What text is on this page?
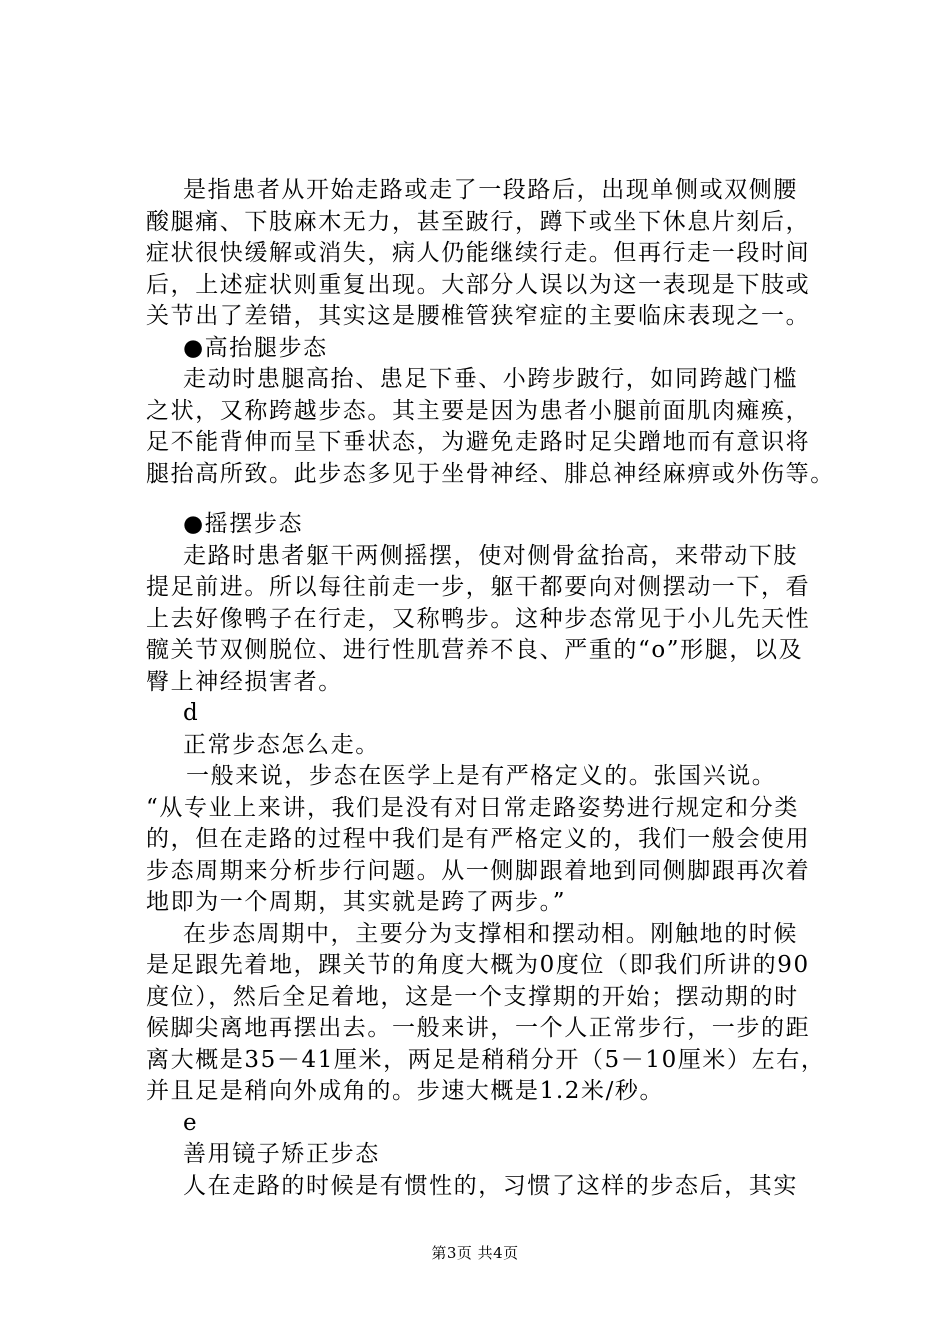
是指患者从开始走路或走了一段路后，出现单侧或双侧腰
酸腿痛、下肢麻木无力，甚至跛行，蹲下或坐下休息片刻后，
症状很快缓解或消失，病人仍能继续行走。但再行走一段时间
后，上述症状则重复出现。大部分人误以为这一表现是下肢或
关节出了差错，其实这是腰椎管狭窄症的主要临床表现之一。
●高抬腿步态
走动时患腿高抬、患足下垂、小跨步跛行，如同跨越门槛
之状，又称跨越步态。其主要是因为患者小腿前面肌肉瘫痪，
足不能背伸而呈下垂状态，为避免走路时足尖蹭地而有意识将
腿抬高所致。此步态多见于坐骨神经、腓总神经麻痹或外伤等。
●摇摆步态
走路时患者躯干两侧摇摆，使对侧骨盆抬高，来带动下肢
提足前进。所以每往前走一步，躯干都要向对侧摆动一下，看
上去好像鸭子在行走，又称鸭步。这种步态常见于小儿先天性
髋关节双侧脱位、进行性肌营养不良、严重的“o”形腿，以及
臀上神经损害者。
d
正常步态怎么走。
一般来说，步态在医学上是有严格定义的。张国兴说。
“从专业上来讲，我们是没有对日常走路姿势进行规定和分类
的，但在走路的过程中我们是有严格定义的，我们一般会使用
步态周期来分析步行问题。从一侧脚跟着地到同侧脚跟再次着
地即为一个周期，其实就是跨了两步。”
在步态周期中，主要分为支撑相和摆动相。刚触地的时候
是足跟先着地，踝关节的角度大概为0度位（即我们所讲的90
度位），然后全足着地，这是一个支撑期的开始；摆动期的时
候脚尖离地再摆出去。一般来讲，一个人正常步行，一步的距
离大概是35－41厘米，两足是稍稍分开（5－10厘米）左右，
并且足是稍向外成角的。步速大概是1.2米/秒。
e
善用镜子矫正步态
人在走路的时候是有惯性的，习惯了这样的步态后，其实
第3页 共4页
